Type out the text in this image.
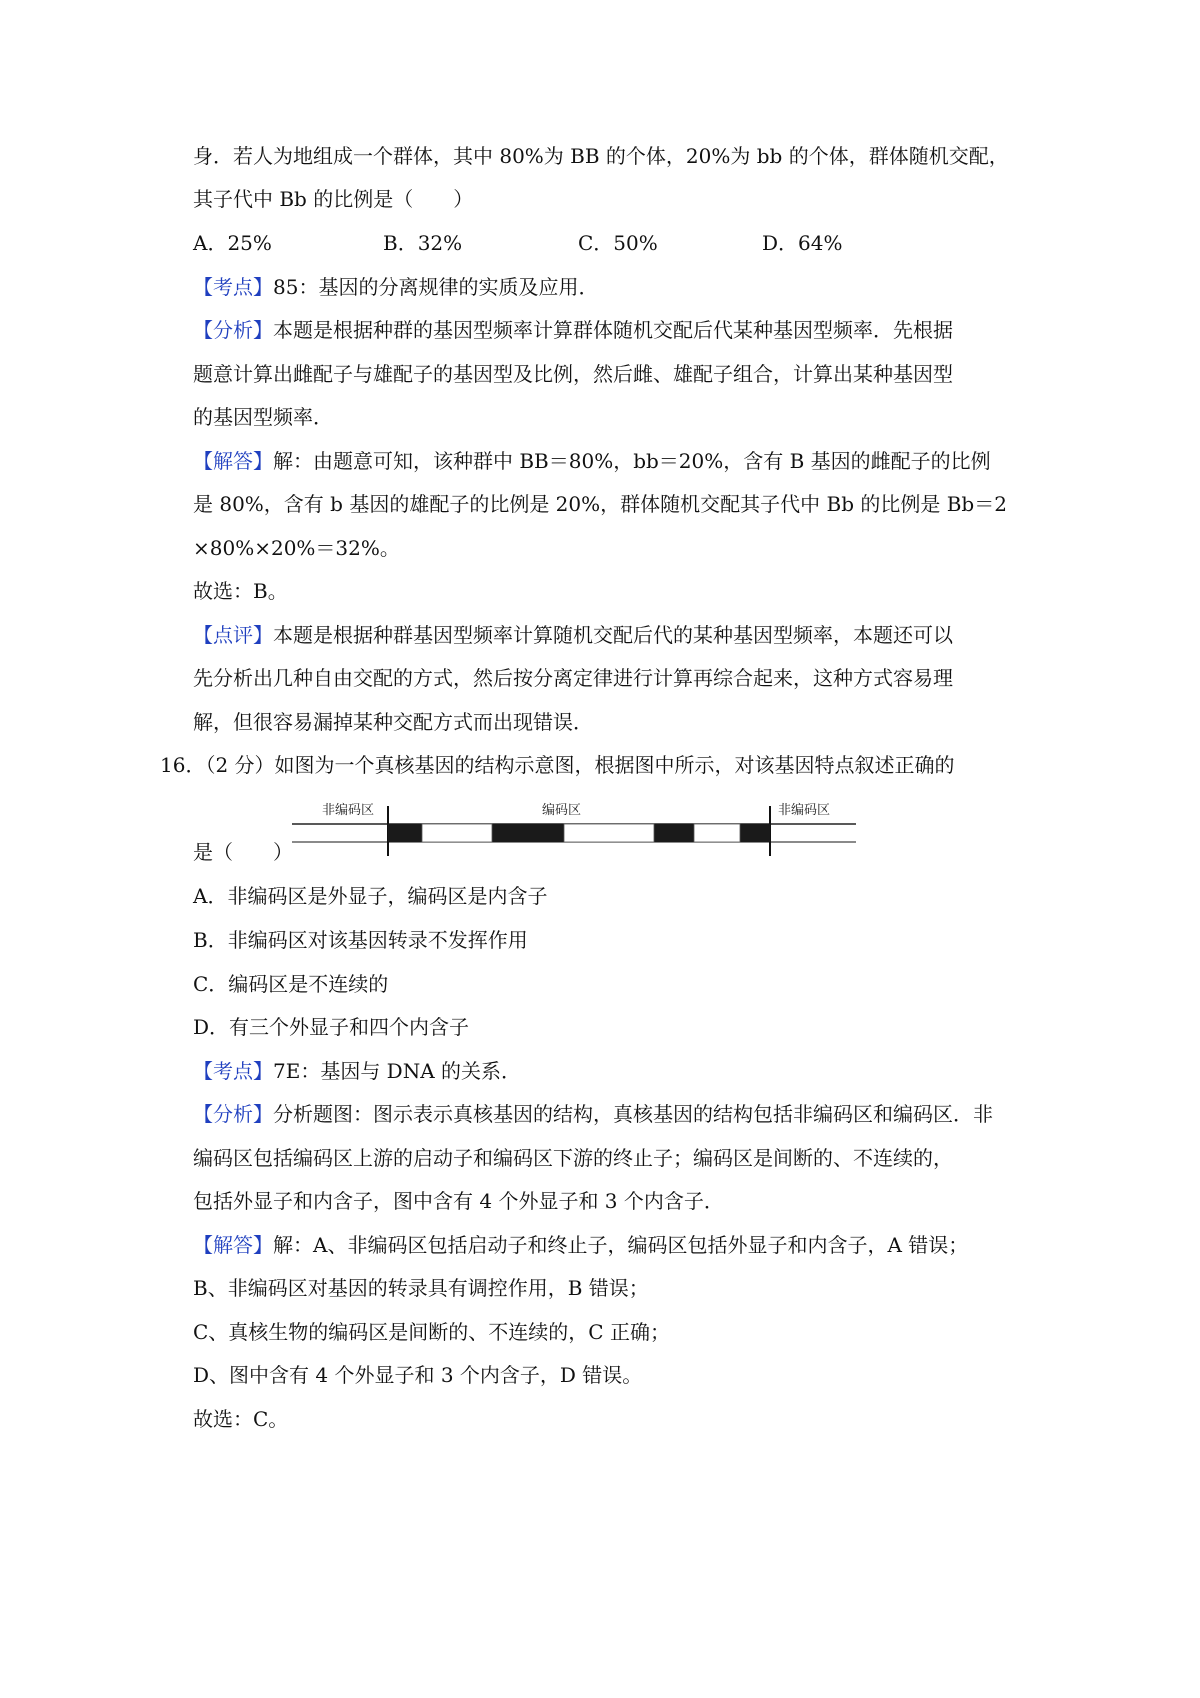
身．若人为地组成一个群体，其中 80%为 BB 的个体，20%为 bb 的个体，群体随机交配，
其子代中 Bb 的比例是（　　）
A．25%	B．32%	C．50%	D．64%
【考点】85：基因的分离规律的实质及应用．
【分析】本题是根据种群的基因型频率计算群体随机交配后代某种基因型频率．先根据
题意计算出雌配子与雄配子的基因型及比例，然后雌、雄配子组合，计算出某种基因型
的基因型频率．
【解答】解：由题意可知，该种群中 BB＝80%，bb＝20%，含有 B 基因的雌配子的比例
是 80%，含有 b 基因的雄配子的比例是 20%，群体随机交配其子代中 Bb 的比例是 Bb＝2
×80%×20%＝32%。
故选：B。
【点评】本题是根据种群基因型频率计算随机交配后代的某种基因型频率，本题还可以
先分析出几种自由交配的方式，然后按分离定律进行计算再综合起来，这种方式容易理
解，但很容易漏掉某种交配方式而出现错误．
16．（2 分）如图为一个真核基因的结构示意图，根据图中所示，对该基因特点叙述正确的
非编码区	编码区	非编码区
是（　　）
A．非编码区是外显子，编码区是内含子
B．非编码区对该基因转录不发挥作用
C．编码区是不连续的
D．有三个外显子和四个内含子
【考点】7E：基因与 DNA 的关系．
【分析】分析题图：图示表示真核基因的结构，真核基因的结构包括非编码区和编码区．非
编码区包括编码区上游的启动子和编码区下游的终止子；编码区是间断的、不连续的，
包括外显子和内含子，图中含有 4 个外显子和 3 个内含子．
【解答】解：A、非编码区包括启动子和终止子，编码区包括外显子和内含子，A 错误；
B、非编码区对基因的转录具有调控作用，B 错误；
C、真核生物的编码区是间断的、不连续的，C 正确；
D、图中含有 4 个外显子和 3 个内含子，D 错误。
故选：C。
